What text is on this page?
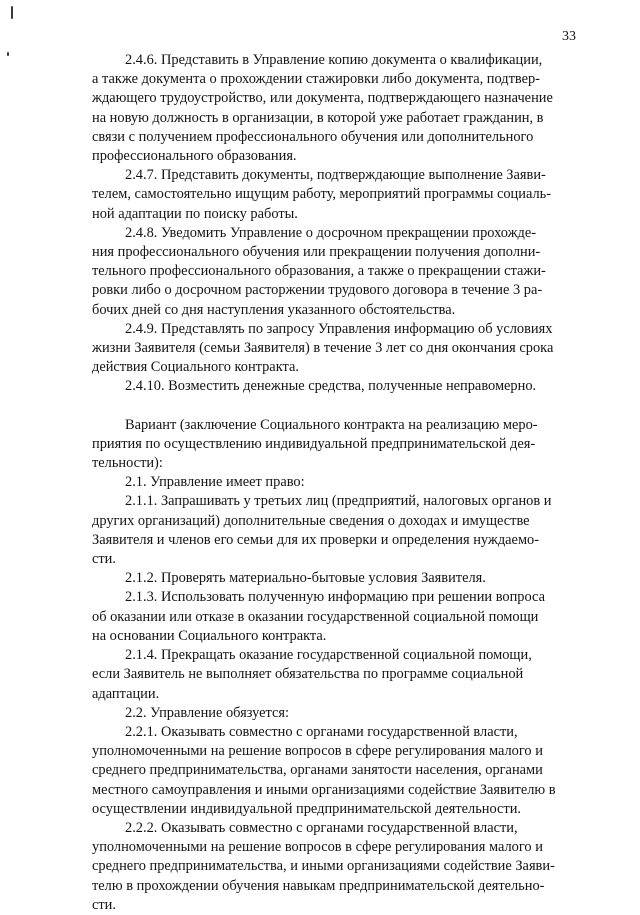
33

2.4.6. Представить в Управление копию документа о квалификации,
а также документа о прохождении стажировки либо документа, подтвер-
ждающего трудоустройство, или документа, подтверждающего назначение
на новую должность в организации, в которой уже работает гражданин, в
связи с получением профессионального обучения или дополнительного
профессионального образования.

2.4.7. Представить документы, подтверждающие выполнение Заяви-
телем, самостоятельно ищущим работу, мероприятий программы социаль-
ной адаптации по поиску работы.

2.4.8. Уведомить Управление о досрочном прекращении прохожде-
ния профессионального обучения или прекращении получения дополни-
тельного профессионального образования, а также о прекращении стажи-
ровки либо о досрочном расторжении трудового договора в течение 3 ра-
бочих дней со дня наступления указанного обстоятельства.

2.4.9. Представлять по запросу Управления информацию об условиях
жизни Заявителя (семьи Заявителя) в течение 3 лет со дня окончания срока
действия Социального контракта.

2.4.10. Возместить денежные средства, полученные неправомерно.

Вариант (заключение Социального контракта на реализацию меро-
приятия по осуществлению индивидуальной предпринимательской дея-
тельности):

2.1. Управление имеет право:

2.1.1. Запрашивать у третьих лиц (предприятий, налоговых органов и
других организаций) дополнительные сведения о доходах и имуществе
Заявителя и членов его семьи для их проверки и определения нуждаемо-
сти.

2.1.2. Проверять материально-бытовые условия Заявителя.

2.1.3. Использовать полученную информацию при решении вопроса
об оказании или отказе в оказании государственной социальной помощи
на основании Социального контракта.

2.1.4. Прекращать оказание государственной социальной помощи,
если Заявитель не выполняет обязательства по программе социальной
адаптации.

2.2. Управление обязуется:

2.2.1. Оказывать совместно с органами государственной власти,
уполномоченными на решение вопросов в сфере регулирования малого и
среднего предпринимательства, органами занятости населения, органами
местного самоуправления и иными организациями содействие Заявителю в
осуществлении индивидуальной предпринимательской деятельности.

2.2.2. Оказывать совместно с органами государственной власти,
уполномоченными на решение вопросов в сфере регулирования малого и
среднего предпринимательства, и иными организациями содействие Заяви-
телю в прохождении обучения навыкам предпринимательской деятельно-
сти.
